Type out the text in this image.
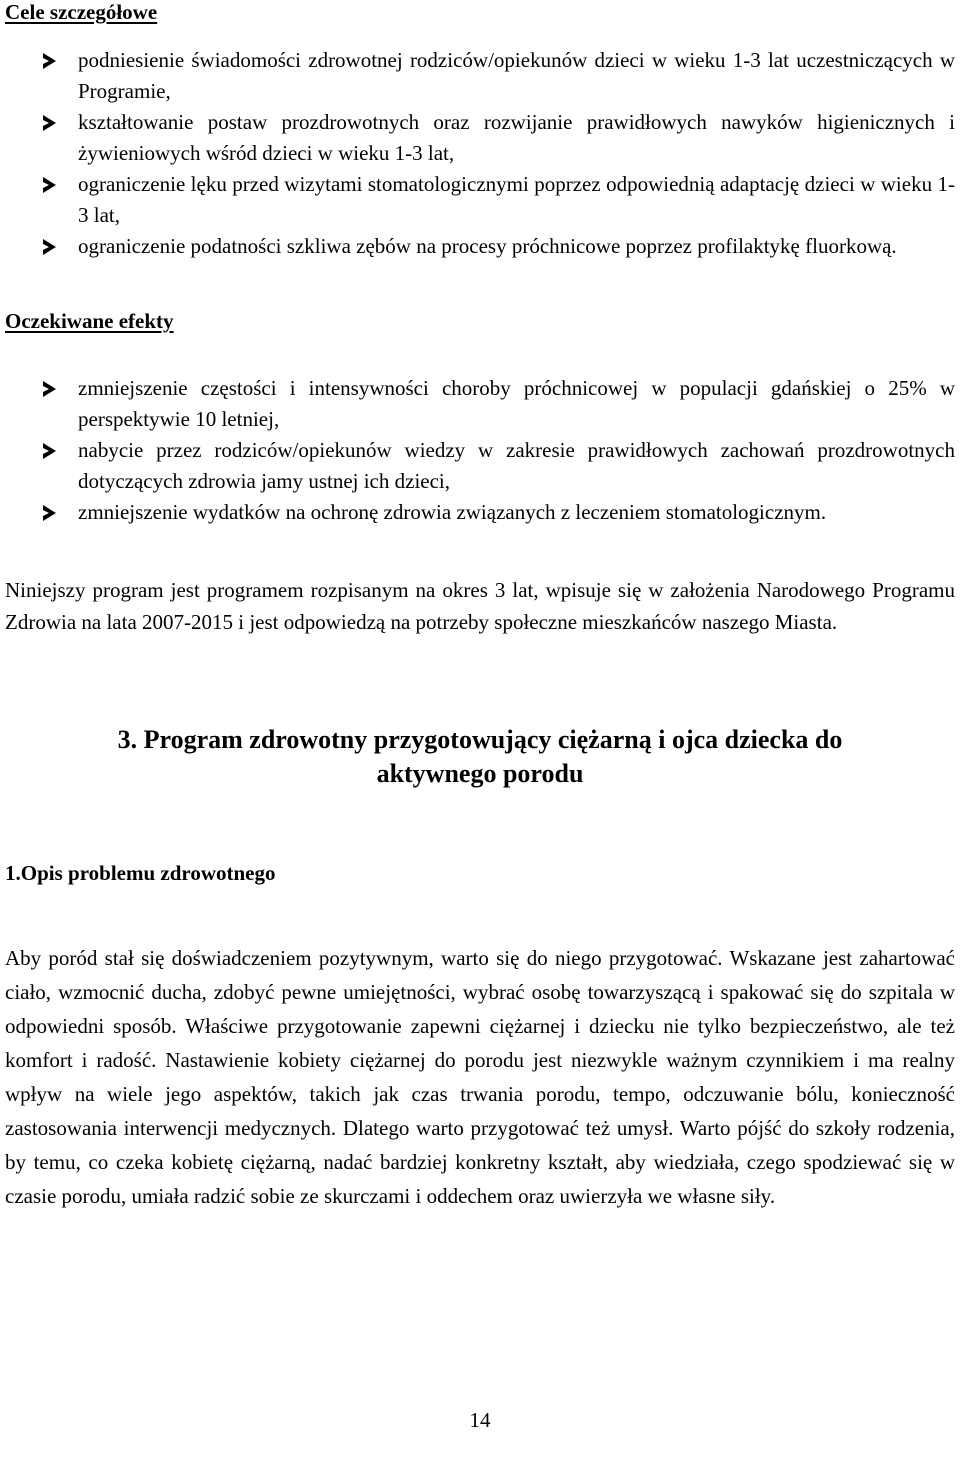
Cele szczegółowe
podniesienie świadomości zdrowotnej rodziców/opiekunów dzieci w wieku 1-3 lat uczestniczących w Programie,
kształtowanie postaw prozdrowotnych oraz rozwijanie prawidłowych nawyków higienicznych i żywieniowych wśród dzieci w wieku 1-3 lat,
ograniczenie lęku przed wizytami stomatologicznymi poprzez odpowiednią adaptację dzieci w wieku 1-3 lat,
ograniczenie podatności szkliwa zębów na procesy próchnicowe poprzez profilaktykę fluorkową.
Oczekiwane efekty
zmniejszenie częstości i intensywności choroby próchnicowej w populacji gdańskiej o 25% w perspektywie 10 letniej,
nabycie przez rodziców/opiekunów wiedzy w zakresie prawidłowych zachowań prozdrowotnych dotyczących zdrowia jamy ustnej ich dzieci,
zmniejszenie wydatków na ochronę zdrowia związanych z leczeniem stomatologicznym.

Niniejszy program jest programem rozpisanym na okres 3 lat, wpisuje się w założenia Narodowego Programu Zdrowia na lata 2007-2015 i jest odpowiedzą na potrzeby społeczne mieszkańców naszego Miasta.

3. Program zdrowotny przygotowujący ciężarną i ojca dziecka do
aktywnego porodu
1.Opis problemu zdrowotnego

Aby poród stał się doświadczeniem pozytywnym, warto się do niego przygotować. Wskazane jest zahartować ciało, wzmocnić ducha, zdobyć pewne umiejętności, wybrać osobę towarzyszącą i spakować się do szpitala w odpowiedni sposób. Właściwe przygotowanie zapewni ciężarnej i dziecku nie tylko bezpieczeństwo, ale też komfort i radość. Nastawienie kobiety ciężarnej do porodu jest niezwykle ważnym czynnikiem i ma realny wpływ na wiele jego aspektów, takich jak czas trwania porodu, tempo, odczuwanie bólu, konieczność zastosowania interwencji medycznych. Dlatego warto przygotować też umysł. Warto pójść do szkoły rodzenia, by temu, co czeka kobietę ciężarną, nadać bardziej konkretny kształt, aby wiedziała, czego spodziewać się w czasie porodu, umiała radzić sobie ze skurczami i oddechem oraz uwierzyła we własne siły.

14
